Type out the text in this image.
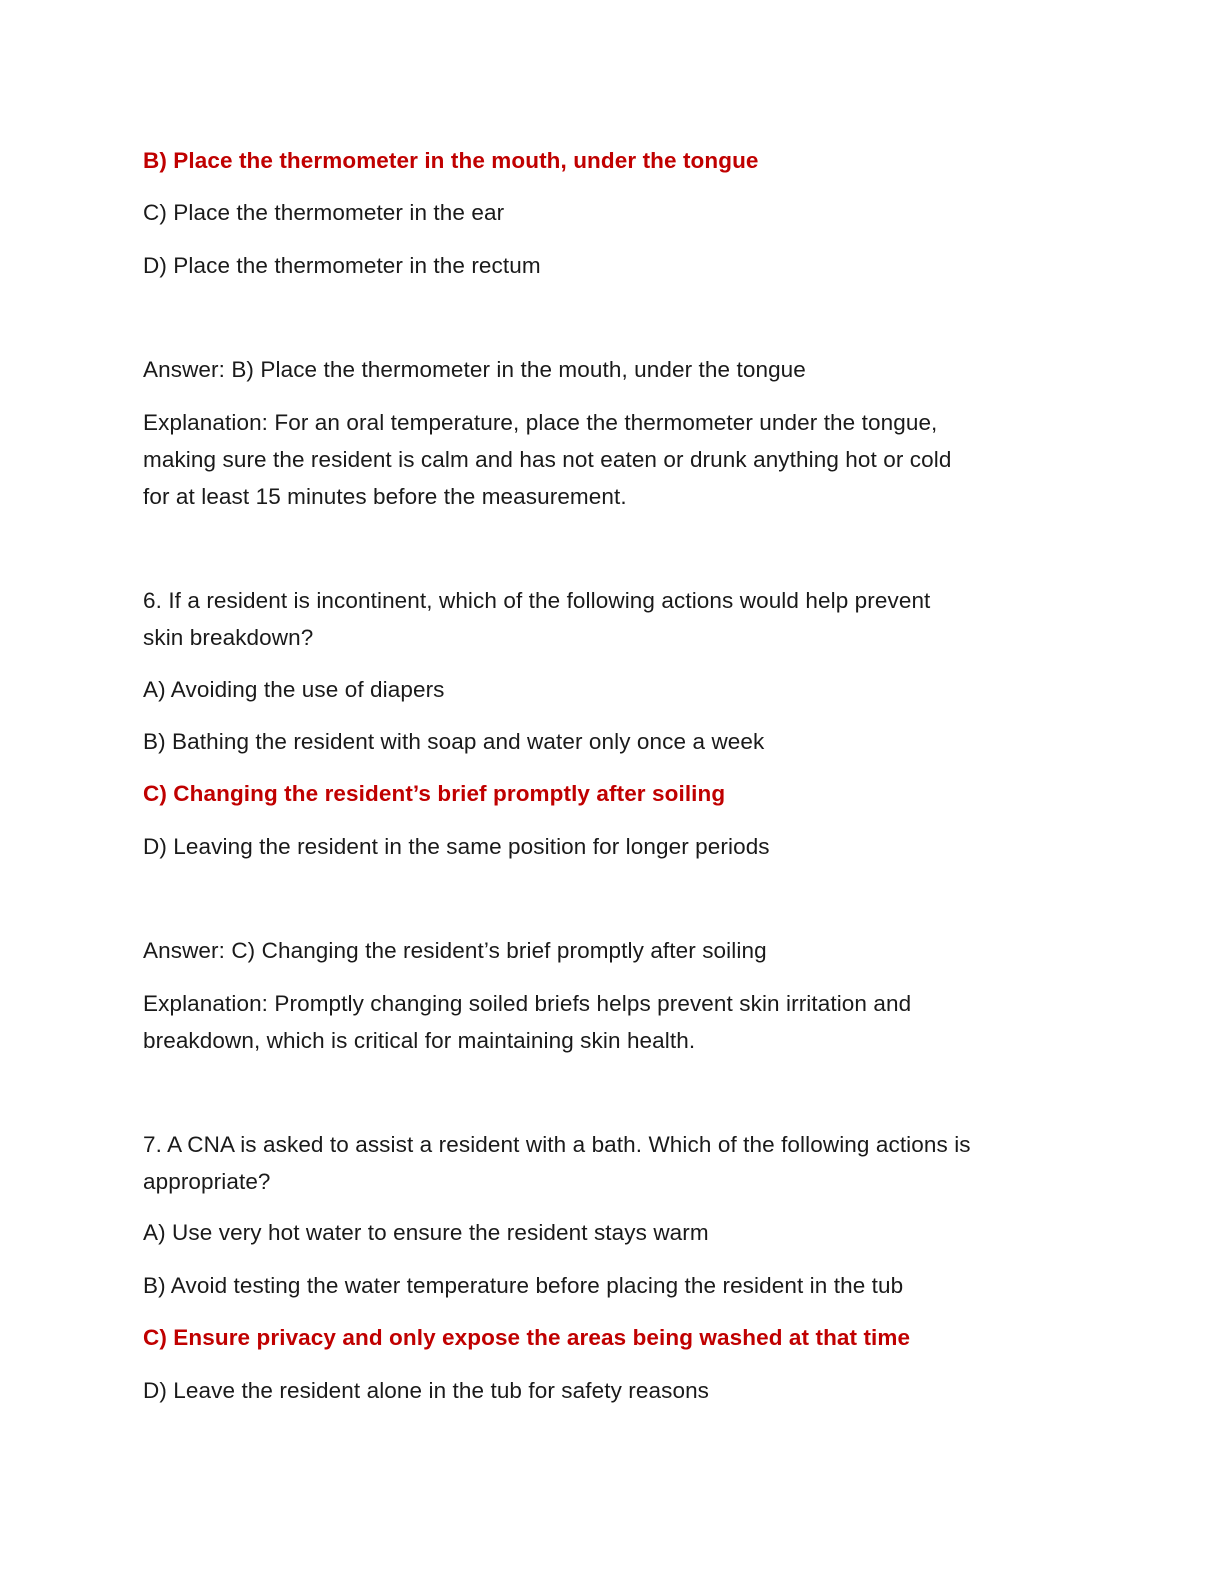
B) Place the thermometer in the mouth, under the tongue
C) Place the thermometer in the ear
D) Place the thermometer in the rectum
Answer: B) Place the thermometer in the mouth, under the tongue
Explanation: For an oral temperature, place the thermometer under the tongue,
making sure the resident is calm and has not eaten or drunk anything hot or cold
for at least 15 minutes before the measurement.
6. If a resident is incontinent, which of the following actions would help prevent
skin breakdown?
A) Avoiding the use of diapers
B) Bathing the resident with soap and water only once a week
C) Changing the resident’s brief promptly after soiling
D) Leaving the resident in the same position for longer periods
Answer: C) Changing the resident’s brief promptly after soiling
Explanation: Promptly changing soiled briefs helps prevent skin irritation and
breakdown, which is critical for maintaining skin health.
7. A CNA is asked to assist a resident with a bath. Which of the following actions is
appropriate?
A) Use very hot water to ensure the resident stays warm
B) Avoid testing the water temperature before placing the resident in the tub
C) Ensure privacy and only expose the areas being washed at that time
D) Leave the resident alone in the tub for safety reasons
